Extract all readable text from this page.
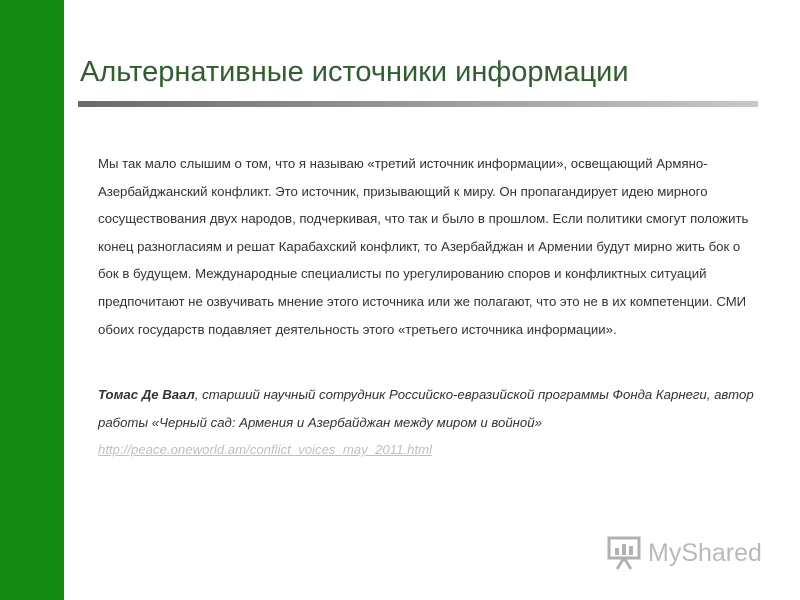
Альтернативные источники информации

Мы так мало слышим о том, что я называю «третий источник информации», освещающий Армяно-Азербайджанский конфликт. Это источник, призывающий к миру. Он пропагандирует идею мирного сосуществования двух народов, подчеркивая, что так и было в прошлом. Если политики смогут положить конец разногласиям и решат Карабахский конфликт, то Азербайджан и Армении будут мирно жить бок о бок в будущем. Международные специалисты по урегулированию споров и конфликтных ситуаций предпочитают не озвучивать мнение этого источника или же полагают, что это не в их компетенции. СМИ обоих государств подавляет деятельность этого «третьего источника информации».

Томас Де Ваал, старший научный сотрудник Российско-евразийской программы Фонда Карнеги, автор работы «Черный сад: Армения и Азербайджан между миром и войной»

http://peace.oneworld.am/conflict_voices_may_2011.html
MyShared
